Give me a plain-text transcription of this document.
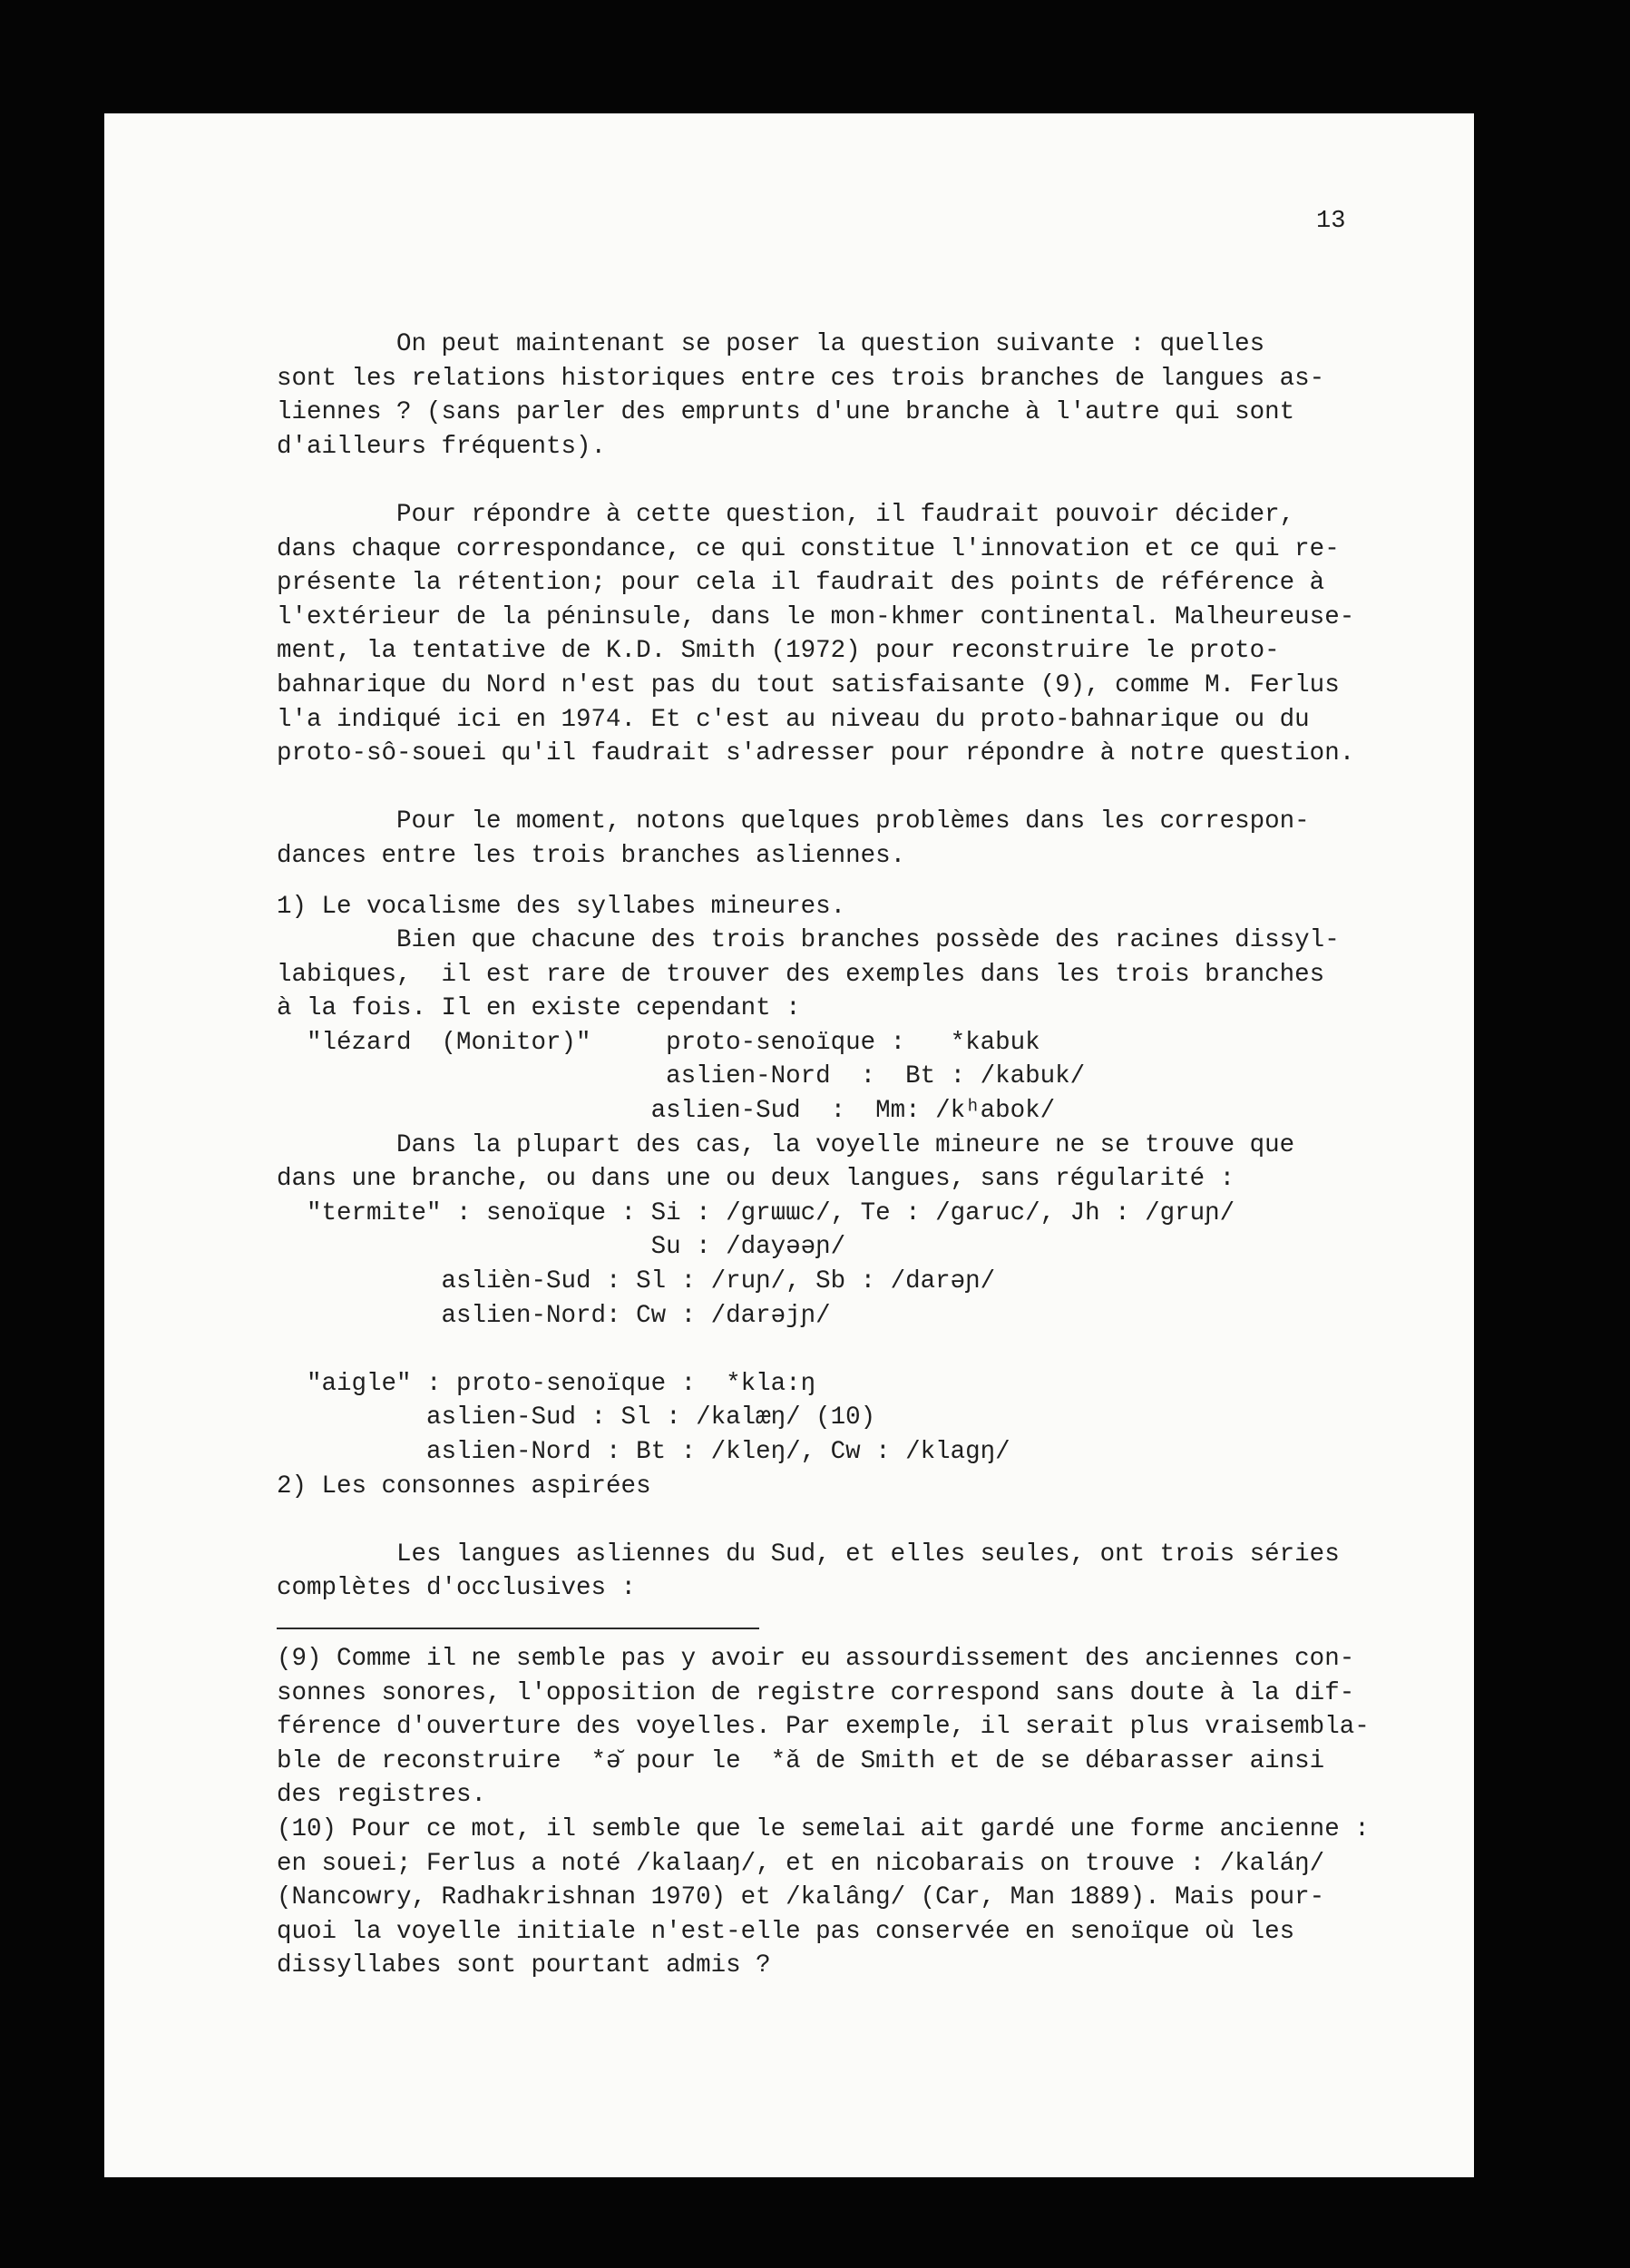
13

On peut maintenant se poser la question suivante : quelles

sont les relations historiques entre ces trois branches de langues as-

liennes ? (sans parler des emprunts d'une branche à l'autre qui sont

d'ailleurs fréquents).

Pour répondre à cette question, il faudrait pouvoir décider,

dans chaque correspondance, ce qui constitue l'innovation et ce qui re-

présente la rétention; pour cela il faudrait des points de référence à

l'extérieur de la péninsule, dans le mon-khmer continental. Malheureuse-

ment, la tentative de K.D. Smith (1972) pour reconstruire le proto-

bahnarique du Nord n'est pas du tout satisfaisante (9), comme M. Ferlus

l'a indiqué ici en 1974. Et c'est au niveau du proto-bahnarique ou du

proto-sô-souei qu'il faudrait s'adresser pour répondre à notre question.

Pour le moment, notons quelques problèmes dans les correspon-

dances entre les trois branches asliennes.

1) Le vocalisme des syllabes mineures.

Bien que chacune des trois branches possède des racines dissyl-

labiques,  il est rare de trouver des exemples dans les trois branches

à la fois. Il en existe cependant :

"lézard  (Monitor)"     proto-senoïque :   *kabuk

aslien-Nord  :  Bt : /kabuk/

aslien-Sud  :  Mm: /kʰabok/

Dans la plupart des cas, la voyelle mineure ne se trouve que

dans une branche, ou dans une ou deux langues, sans régularité :

"termite" : senoïque : Si : /grɯɯc/, Te : /garuc/, Jh : /gruɲ/

Su : /dayəəɲ/

aslièn-Sud : Sl : /ruɲ/, Sb : /darəɲ/

aslien-Nord: Cw : /darəjɲ/

"aigle" : proto-senoïque :  *kla:ŋ

aslien-Sud : Sl : /kalæŋ/ (10)

aslien-Nord : Bt : /kleŋ/, Cw : /klagŋ/

2) Les consonnes aspirées

Les langues asliennes du Sud, et elles seules, ont trois séries

complètes d'occlusives :

(9) Comme il ne semble pas y avoir eu assourdissement des anciennes con-

sonnes sonores, l'opposition de registre correspond sans doute à la dif-

férence d'ouverture des voyelles. Par exemple, il serait plus vraisembla-

ble de reconstruire  *ə̆ pour le  *ǎ de Smith et de se débarasser ainsi

des registres.

(10) Pour ce mot, il semble que le semelai ait gardé une forme ancienne :

en souei; Ferlus a noté /kalaaŋ/, et en nicobarais on trouve : /kaláŋ/

(Nancowry, Radhakrishnan 1970) et /kalâng/ (Car, Man 1889). Mais pour-

quoi la voyelle initiale n'est-elle pas conservée en senoïque où les

dissyllabes sont pourtant admis ?
